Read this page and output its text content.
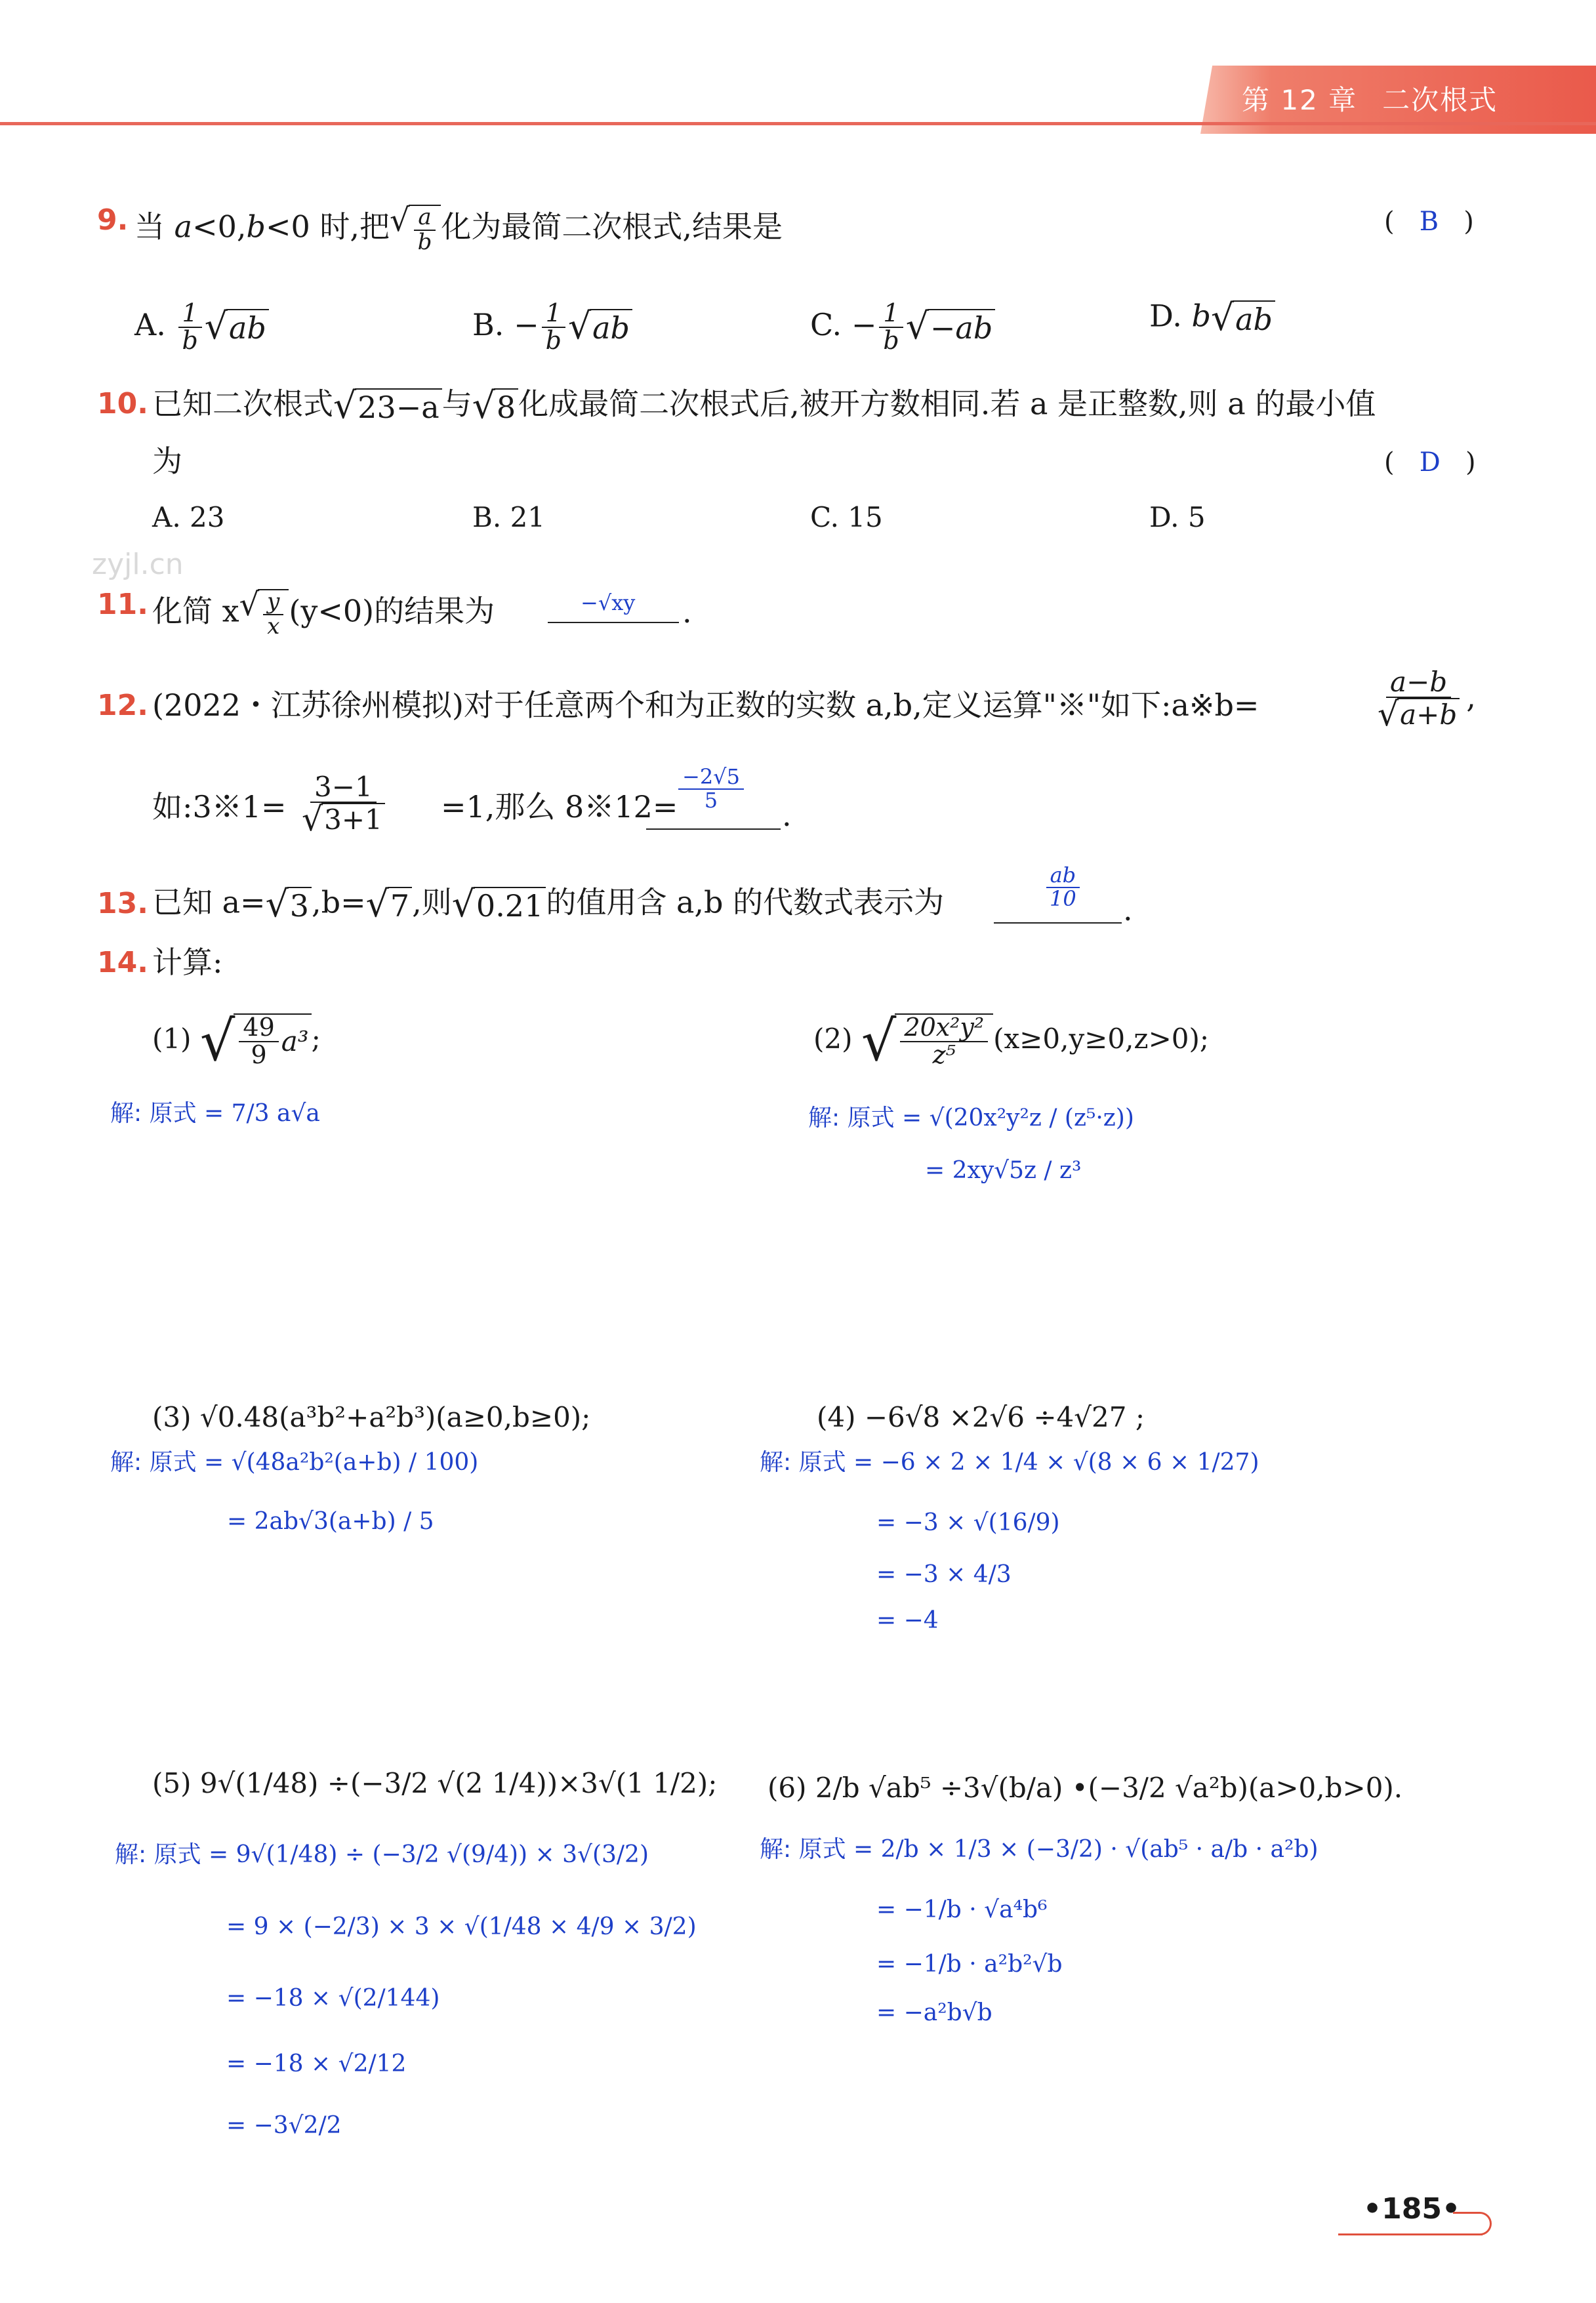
第 12 章 二次根式
zyjl.cn
9. 当 a<0,b<0 时,把 √ $\frac{a}{b}$ 化为最简二次根式,结果是	(   B   )
A. $\frac{1}{b}$ √ ab	B. − $\frac{1}{b}$ √ ab	C. − $\frac{1}{b}$ √ −ab	D. b √ ab
10. 已知二次根式 √ 23−a 与 √ 8 化成最简二次根式后,被开方数相同.若 a 是正整数,则 a 的最小值
为	(   D   )
A. 23	B. 21	C. 15	D. 5
11. 化简 x √ $\frac{y}{x} (y<0)$的结果为	−√xy .
12. (2022・江苏徐州模拟)对于任意两个和为正数的实数 a,b,定义运算"※"如下:a※b=	$\frac{a-b}{√ a+b}$ ,
如:3※1= $\frac{3-1}{√ 3+1} =1$,那么 8※12= $\frac{-2√5}{5}$
.
13. 已知 a= √ 3 ,b= √ 7 ,则 √ 0.21 的值用含 a,b 的代数式表示为	$\frac{ab}{10}$ .
14. 计算:
(1) √ $\frac{49}{9} a^3$ ;
解: 原式 = 7/3 a√a
(2) √ $\frac{\text{20x²y²}}{\text{z⁵}} (x\ge 0,y\ge 0,z>0)$;
解: 原式 = √(20x²y²z / (z⁵·z))
= 2xy√5z / z³
(3) √0.48(a³b²+a²b³)(a≥0,b≥0);
解: 原式 = √(48a²b²(a+b) / 100)
= 2ab√3(a+b) / 5
(4) −6√8 ×2√6 ÷4√27 ;
解: 原式 = −6 × 2 × 1/4 × √(8 × 6 × 1/27)
= −3 × √(16/9)
= −3 × 4/3
= −4
(5) 9√(1/48) ÷(−3/2 √(2 1/4))×3√(1 1/2);
解: 原式 = 9√(1/48) ÷ (−3/2 √(9/4)) × 3√(3/2)
= 9 × (−2/3) × 3 × √(1/48 × 4/9 × 3/2)
= −18 × √(2/144)
= −18 × √2/12
= −3√2/2
(6) 2/b √ab⁵ ÷3√(b/a) •(−3/2 √a²b)(a>0,b>0).
解: 原式 = 2/b × 1/3 × (−3/2) · √(ab⁵ · a/b · a²b)
= −1/b · √a⁴b⁶
= −1/b · a²b²√b
= −a²b√b
•185•
